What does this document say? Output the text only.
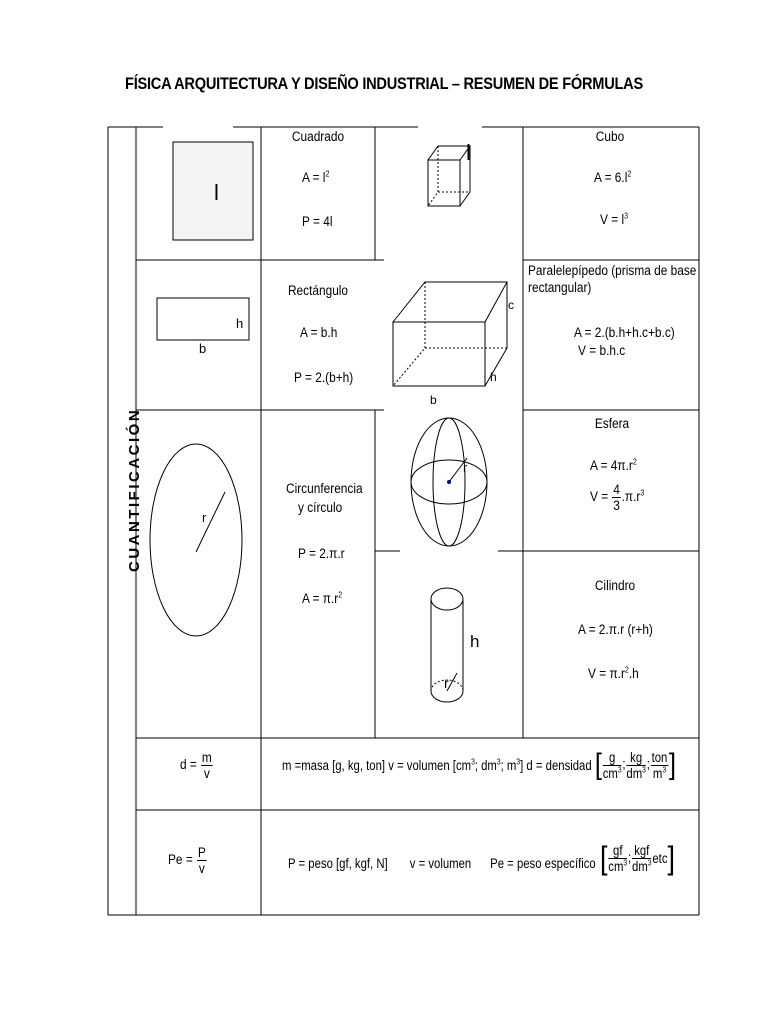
FÍSICA ARQUITECTURA Y DISEÑO INDUSTRIAL – RESUMEN DE FÓRMULAS
CUANTIFICACIÓN
l
Cuadrado
$A = l^2$
P = 4l
l
Cubo
$A = 6.l^2$
$V = l^3$
h
b
Rectángulo
A = b.h
P = 2.(b+h)
c
h
b
Paralelepípedo (prisma de base
rectangular)
A = 2.(b.h+h.c+b.c)
V = b.h.c
r
Circunferencia
y círculo
P = 2.π.r
$A = \pi.r^2$
r
Esfera
$A = 4\pi.r^2$
$V = \frac{4}{3} .\pi.r^3$
h
r
Cilindro
A = 2.π.r (r+h)
$V = \pi.r^2.h$
$d = \frac{m}{v}$	m =masa [g, kg, ton] v = volumen [$cm^3$; $dm^3$; $m^3$] d = densidad [ $\frac{g}{cm^3}$ ; $\frac{kg}{dm^3}$ ; $\frac{\text{ton}}{m^3}$ ]
$Pe = \frac{P}{v}$	P = peso [gf, kgf, N] v = volumen Pe = peso específico [ $\frac{gf}{cm^3}$ ; $\frac{\text{kgf}}{dm^3} etc$]
